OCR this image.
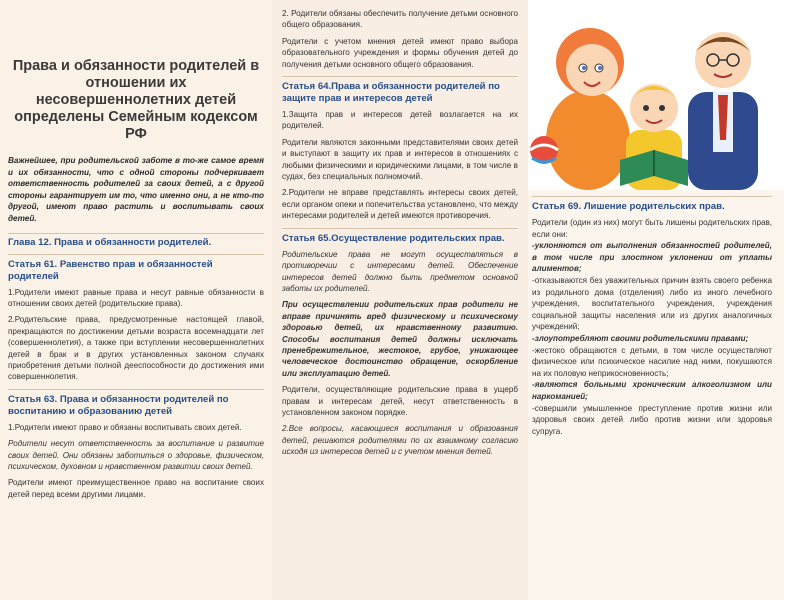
Права и обязанности родителей в отношении их несовершеннолетних детей определены Семейным кодексом РФ

Важнейшее, при родительской заботе в то-же самое время и их обязанности, что с одной стороны подчеркивает ответственность родителей за своих детей, а с другой стороны гарантирует им то, что именно они, а не кто-то другой, имеют право растить и воспитывать своих детей.

Глава 12. Права и обязанности родителей.
Статья 61. Равенство прав и обязанностей родителей

1.Родители имеют равные права и несут равные обязанности в отношении своих детей (родительские права).

2.Родительские права, предусмотренные настоящей главой, прекращаются по достижении детьми возраста восемнадцати лет (совершеннолетия), а также при вступлении несовершеннолетних детей в брак и в других установленных законом случаях приобретения детьми полной дееспособности до достижения ими совершеннолетия.

Статья 63. Права и обязанности родителей по воспитанию и образованию детей

1.Родители имеют право и обязаны воспитывать своих детей.

Родители несут ответственность за воспитание и развитие своих детей. Они обязаны заботиться о здоровье, физическом, психическом, духовном и нравственном развитии своих детей.

Родители имеют преимущественное право на воспитание своих детей перед всеми другими лицами.

2. Родители обязаны обеспечить получение детьми основного общего образования.

Родители с учетом мнения детей имеют право выбора образовательного учреждения и формы обучения детей до получения детьми основного общего образования.

Статья 64.Права и обязанности родителей по защите прав и интересов детей

1.Защита прав и интересов детей возлагается на их родителей.

Родители являются законными представителями своих детей и выступают в защиту их прав и интересов в отношениях с любыми физическими и юридическими лицами, в том числе в судах, без специальных полномочий.

2.Родители не вправе представлять интересы своих детей, если органом опеки и попечительства установлено, что между интересами родителей и детей имеются противоречия.

Статья 65.Осуществление родительских прав.

Родительские права не могут осуществляться в противоречии с интересами детей. Обеспечение интересов детей должно быть предметом основной заботы их родителей.

При осуществлении родительских прав родители не вправе причинять вред физическому и психическому здоровью детей, их нравственному развитию. Способы воспитания детей должны исключать пренебрежительное, жестокое, грубое, унижающее человеческое достоинство обращение, оскорбление или эксплуатацию детей.

Родители, осуществляющие родительские права в ущерб правам и интересам детей, несут ответственность в установленном законом порядке.

2.Все вопросы, касающиеся воспитания и образования детей, решаются родителями по их взаимному согласию исходя из интересов детей и с учетом мнения детей.

Статья 69. Лишение родительских прав.

Родители (один из них) могут быть лишены родительских прав, если они:

-уклоняются от выполнения обязанностей родителей, в том числе при злостном уклонении от уплаты алиментов;

-отказываются без уважительных причин взять своего ребенка из родильного дома (отделения) либо из иного лечебного учреждения, воспитательного учреждения, учреждения социальной защиты населения или из других аналогичных учреждений;

-злоупотребляют своими родительскими правами;

-жестоко обращаются с детьми, в том числе осуществляют физическое или психическое насилие над ними, покушаются на их половую неприкосновенность;

-являются больными хроническим алкоголизмом или наркоманией;

-совершили умышленное преступление против жизни или здоровья своих детей либо против жизни или здоровья супруга.
